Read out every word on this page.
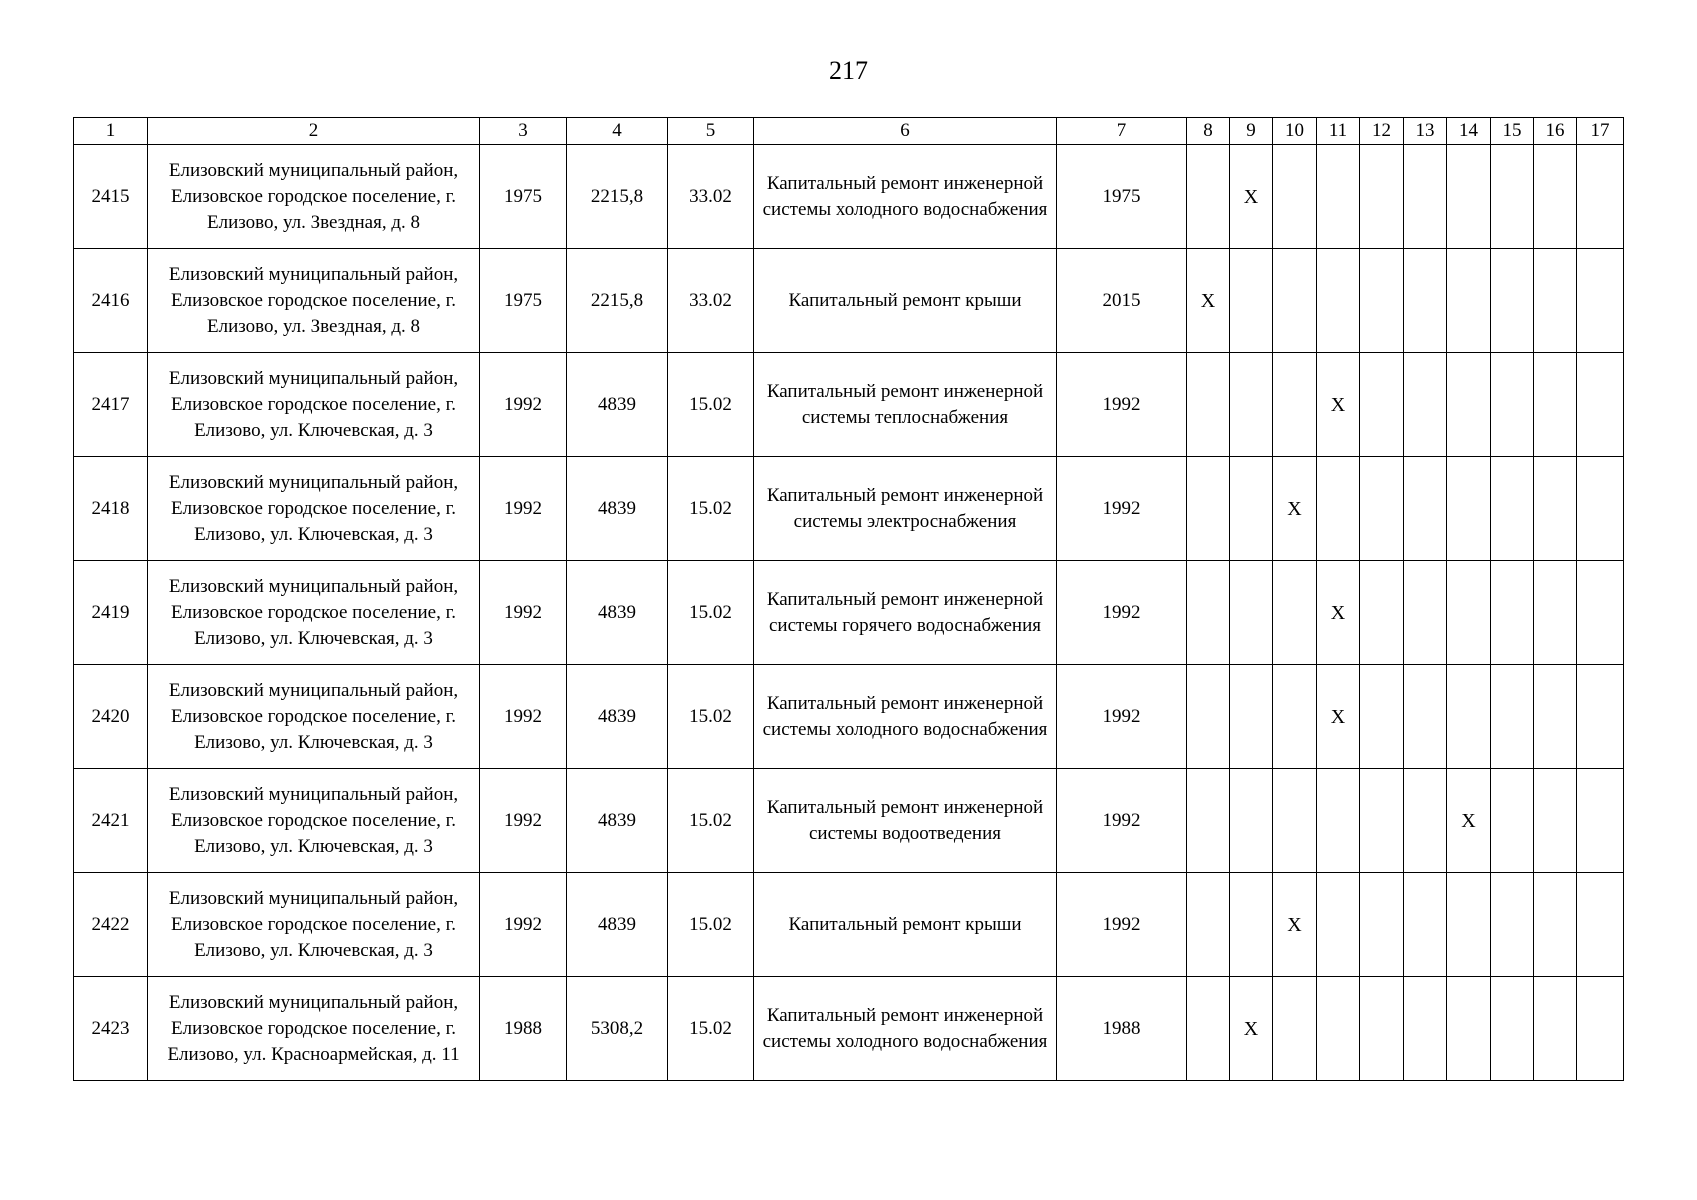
217
1	2	3	4	5	6	7	8	9	10	11	12	13	14	15	16	17
2415	Елизовский муниципальный район, Елизовское городское поселение, г. Елизово, ул. Звездная, д. 8	1975	2215,8	33.02	Капитальный ремонт инженерной системы холодного водоснабжения	1975		X								
2416	Елизовский муниципальный район, Елизовское городское поселение, г. Елизово, ул. Звездная, д. 8	1975	2215,8	33.02	Капитальный ремонт крыши	2015	X									
2417	Елизовский муниципальный район, Елизовское городское поселение, г. Елизово, ул. Ключевская, д. 3	1992	4839	15.02	Капитальный ремонт инженерной системы теплоснабжения	1992				X						
2418	Елизовский муниципальный район, Елизовское городское поселение, г. Елизово, ул. Ключевская, д. 3	1992	4839	15.02	Капитальный ремонт инженерной системы электроснабжения	1992			X							
2419	Елизовский муниципальный район, Елизовское городское поселение, г. Елизово, ул. Ключевская, д. 3	1992	4839	15.02	Капитальный ремонт инженерной системы горячего водоснабжения	1992				X						
2420	Елизовский муниципальный район, Елизовское городское поселение, г. Елизово, ул. Ключевская, д. 3	1992	4839	15.02	Капитальный ремонт инженерной системы холодного водоснабжения	1992				X						
2421	Елизовский муниципальный район, Елизовское городское поселение, г. Елизово, ул. Ключевская, д. 3	1992	4839	15.02	Капитальный ремонт инженерной системы водоотведения	1992							X			
2422	Елизовский муниципальный район, Елизовское городское поселение, г. Елизово, ул. Ключевская, д. 3	1992	4839	15.02	Капитальный ремонт крыши	1992			X							
2423	Елизовский муниципальный район, Елизовское городское поселение, г. Елизово, ул. Красноармейская, д. 11	1988	5308,2	15.02	Капитальный ремонт инженерной системы холодного водоснабжения	1988		X								
